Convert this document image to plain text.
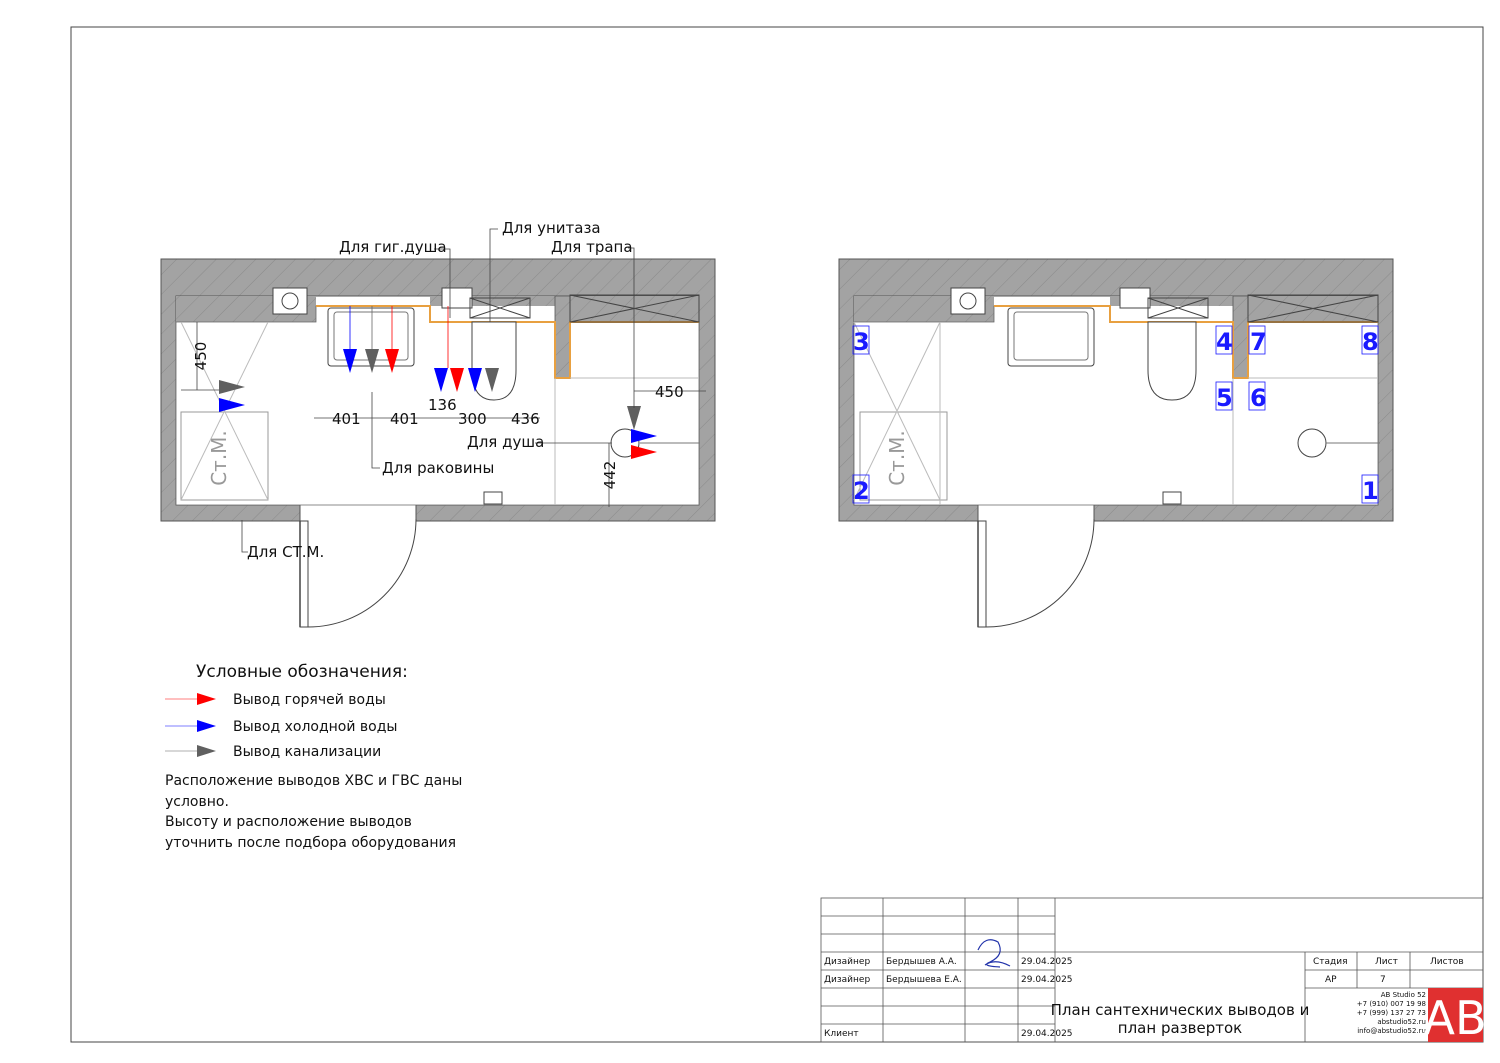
Ст.М.
Для гиг.душа
Для унитаза
Для трапа
Для душа
Для раковины
Для СТ.М.
450
401 401
136
300 436
450
442	Ст.М.
3
2
4
5
7
6
8
1
Условные обозначения:
Вывод горячей воды
Вывод холодной воды
Вывод канализации
Расположение выводов ХВС и ГВС даны
условно.
Высоту и расположение выводов
уточнить после подбора оборудования
Дизайнер Бердышев А.А.	29.04.2025
Дизайнер Бердышева Е.А.	29.04.2025
Клиент	29.04.2025
Стадия	Лист	Листов
АР	7
План сантехнических выводов и
план разверток
AB Studio 52
+7 (910) 007 19 98
+7 (999) 137 27 73
abstudio52.ru
info@abstudio52.ru
AB
